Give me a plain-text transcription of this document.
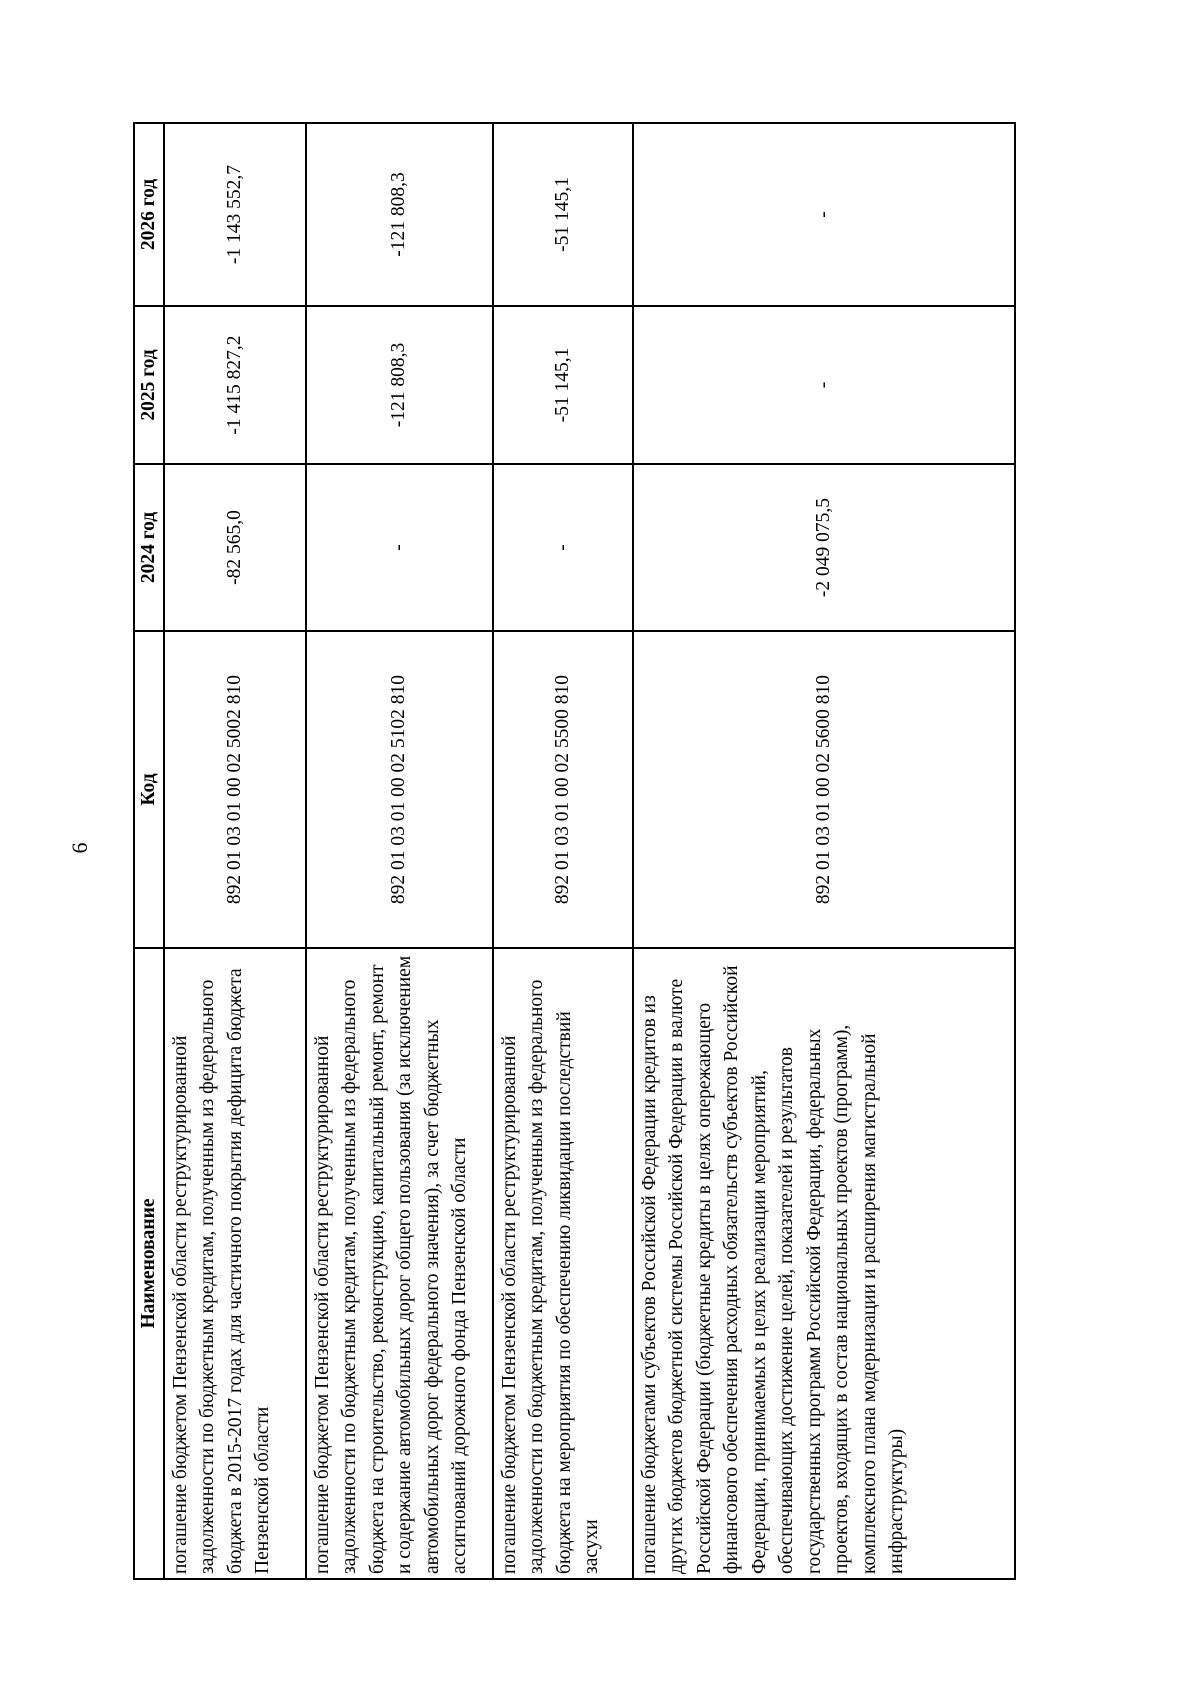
6
Наименование	Код	2024 год	2025 год	2026 год
погашение бюджетом Пензенской области реструктурированной задолженности по бюджетным кредитам, полученным из федерального бюджета в 2015-2017 годах для частичного покрытия дефицита бюджета Пензенской области	892 01 03 01 00 02 5002 810	-82 565,0	-1 415 827,2	-1 143 552,7
погашение бюджетом Пензенской области реструктурированной задолженности по бюджетным кредитам, полученным из федерального бюджета на строительство, реконструкцию, капитальный ремонт, ремонт и содержание автомобильных дорог общего пользования (за исключением автомобильных дорог федерального значения), за счет бюджетных ассигнований дорожного фонда Пензенской области	892 01 03 01 00 02 5102 810	-	-121 808,3	-121 808,3
погашение бюджетом Пензенской области реструктурированной задолженности по бюджетным кредитам, полученным из федерального бюджета на мероприятия по обеспечению ликвидации последствий засухи	892 01 03 01 00 02 5500 810	-	-51 145,1	-51 145,1
погашение бюджетами субъектов Российской Федерации кредитов из других бюджетов бюджетной системы Российской Федерации в валюте Российской Федерации (бюджетные кредиты в целях опережающего финансового обеспечения расходных обязательств субъектов Российской Федерации, принимаемых в целях реализации мероприятий, обеспечивающих достижение целей, показателей и результатов государственных программ Российской Федерации, федеральных проектов, входящих в состав национальных проектов (программ), комплексного плана модернизации и расширения магистральной инфраструктуры)	892 01 03 01 00 02 5600 810	-2 049 075,5	-	-
